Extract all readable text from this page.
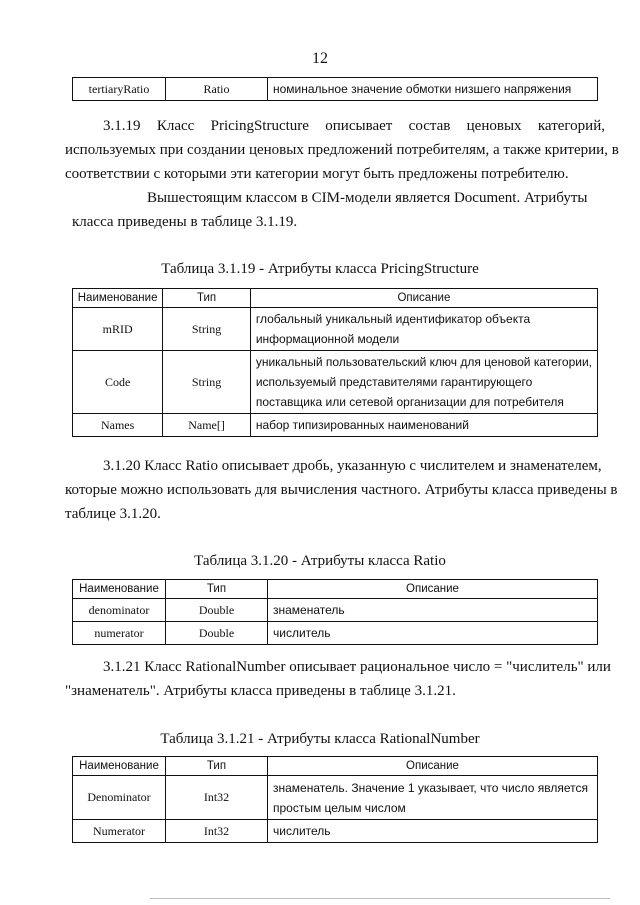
12
tertiaryRatio	Ratio	номинальное значение обмотки низшего напряжения
3.1.19 Класс PricingStructure описывает состав ценовых категорий,
используемых при создании ценовых предложений потребителям, а также критерии, в
соответствии с которыми эти категории могут быть предложены потребителю.
Вышестоящим классом в CIM-модели является Document. Атрибуты
класса приведены в таблице 3.1.19.
Таблица 3.1.19 - Атрибуты класса PricingStructure
Наименование	Тип	Описание
mRID	String	глобальный уникальный идентификатор объекта
информационной модели

Code	String	уникальный пользовательский ключ для ценовой категории,
используемый представителями гарантирующего
поставщика или сетевой организации для потребителя

Names	Name[]	набор типизированных наименований
3.1.20 Класс Ratio описывает дробь, указанную с числителем и знаменателем,
которые можно использовать для вычисления частного. Атрибуты класса приведены в
таблице 3.1.20.
Таблица 3.1.20 - Атрибуты класса Ratio
Наименование	Тип	Описание
denominator	Double	знаменатель
numerator	Double	числитель
3.1.21 Класс RationalNumber описывает рациональное число = "числитель" или
"знаменатель". Атрибуты класса приведены в таблице 3.1.21.
Таблица 3.1.21 - Атрибуты класса RationalNumber
Наименование	Тип	Описание
Denominator	Int32	знаменатель. Значение 1 указывает, что число является
простым целым числом

Numerator	Int32	числитель
